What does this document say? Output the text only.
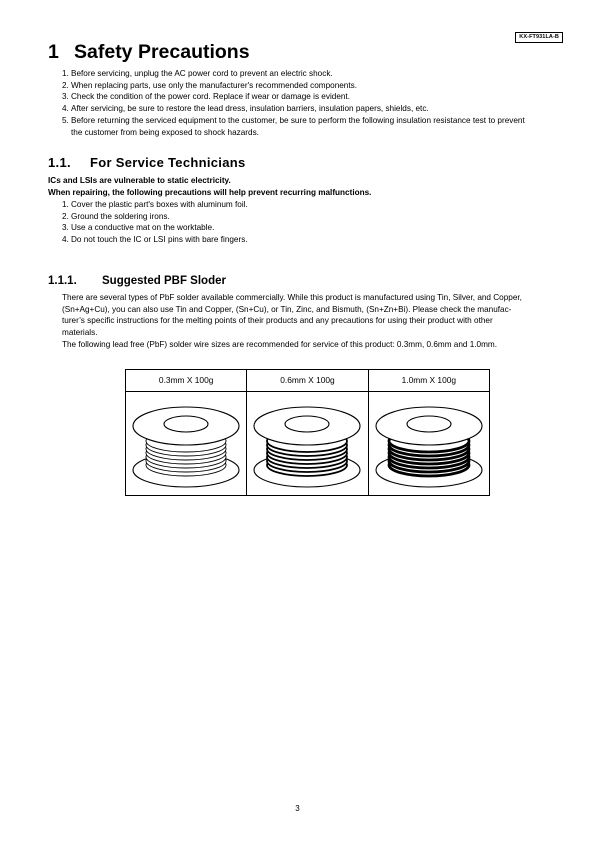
KX-FT931LA-B
1 Safety Precautions
1. Before servicing, unplug the AC power cord to prevent an electric shock.
2. When replacing parts, use only the manufacturer's recommended components.
3. Check the condition of the power cord. Replace if wear or damage is evident.
4. After servicing, be sure to restore the lead dress, insulation barriers, insulation papers, shields, etc.
5. Before returning the serviced equipment to the customer, be sure to perform the following insulation resistance test to prevent
the customer from being exposed to shock hazards.
1.1. For Service Technicians
ICs and LSIs are vulnerable to static electricity.
When repairing, the following precautions will help prevent recurring malfunctions.
1. Cover the plastic part's boxes with aluminum foil.
2. Ground the soldering irons.
3. Use a conductive mat on the worktable.
4. Do not touch the IC or LSI pins with bare fingers.
1.1.1. Suggested PBF Sloder
There are several types of PbF solder available commercially. While this product is manufactured using Tin, Silver, and Copper,
(Sn+Ag+Cu), you can also use Tin and Copper, (Sn+Cu), or Tin, Zinc, and Bismuth, (Sn+Zn+Bi). Please check the manufac-
turer’s specific instructions for the melting points of their products and any precautions for using their product with other
materials.
The following lead free (PbF) solder wire sizes are recommended for service of this product: 0.3mm, 0.6mm and 1.0mm.
0.3mm X 100g	0.6mm X 100g	1.0mm X 100g
3
